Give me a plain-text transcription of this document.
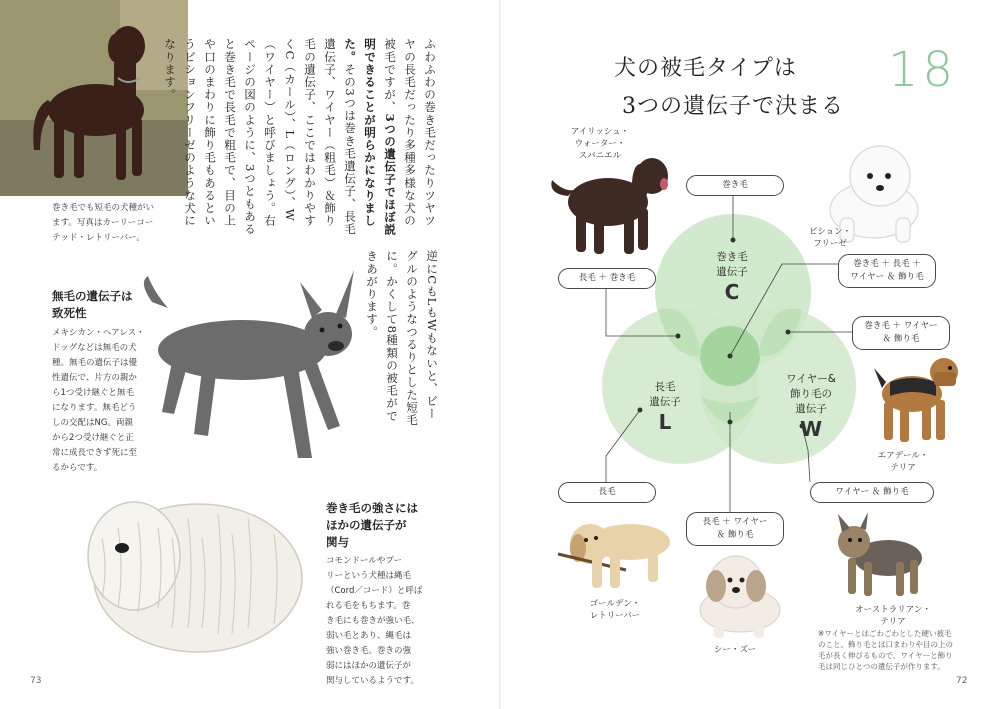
巻き毛でも短毛の犬種がい
ます。写真はカーリーコー
テッド・レトリーバー。
ふわふわの巻き毛だったりツヤツヤの長毛だったり多種多様な犬の被毛ですが、3つの遺伝子でほぼ説明できることが明らかになりました。その3つは巻き毛遺伝子、長毛遺伝子、ワイヤー（粗毛）＆飾り毛の遺伝子、ここではわかりやすくC（カール）、L（ロング）、W（ワイヤー）と呼びましょう。右ページの図のように、3つともあると巻き毛で長毛で粗毛で、目の上や口のまわりに飾り毛もあるというビションフリーゼのような犬になります。
逆にCもLもWもないと、ビーグルのようなつるりとした短毛に。かくして8種類の被毛ができあがります。
無毛の遺伝子は
致死性
メキシカン・ヘアレス・
ドッグなどは無毛の犬
種。無毛の遺伝子は優
性遺伝で、片方の親か
ら1つ受け継ぐと無毛
になります。無毛どう
しの交配はNG。両親
から2つ受け継ぐと正
常に成長できず死に至
るからです。
巻き毛の強さには
ほかの遺伝子が
関与
コモンドールやプー
リーという犬種は縄毛
（Cord／コード）と呼ば
れる毛をもちます。巻
き毛にも巻きが強い毛、
弱い毛とあり、縄毛は
強い巻き毛。巻きの強
弱にはほかの遺伝子が
関与しているようです。
73
犬の被毛タイプは
3つの遺伝子で決まる
18
巻き毛
遺伝子
C
長毛
遺伝子
L
ワイヤー&
飾り毛の
遺伝子
W
巻き毛
長毛 ＋ 巻き毛
巻き毛 ＋ 長毛 ＋
ワイヤー ＆ 飾り毛
巻き毛 ＋ ワイヤー
＆ 飾り毛
長毛
長毛 ＋ ワイヤー
＆ 飾り毛
ワイヤー ＆ 飾り毛
アイリッシュ・
ウォーター・
スパニエル
ビション・
フリーゼ
エアデール・
テリア
ゴールデン・
レトリーバー
シー・ズー
オーストラリアン・
テリア
※ワイヤーとはごわごわとした硬い被毛
のこと。飾り毛とは口まわりや目の上の
毛が長く伸びるもので、ワイヤーと飾り
毛は同じひとつの遺伝子が作ります。
72
